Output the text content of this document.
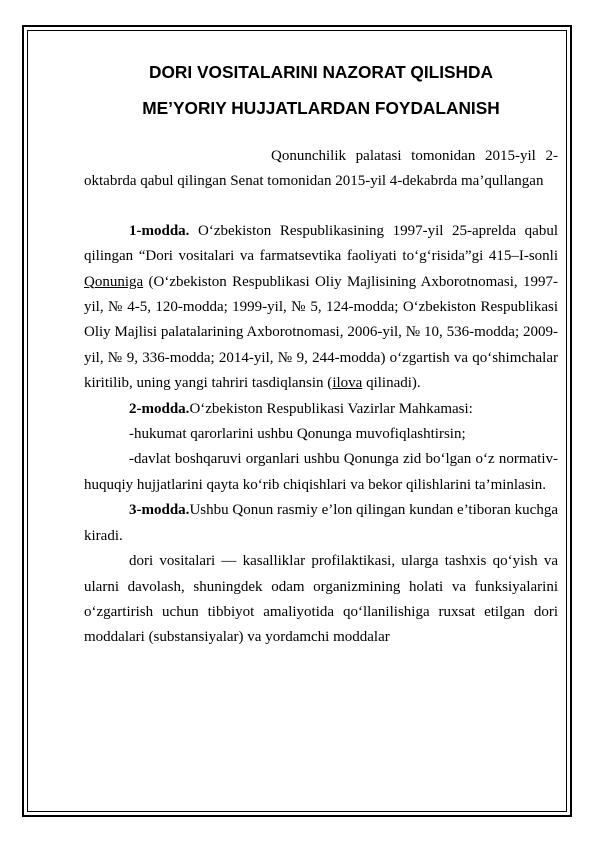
DORI VOSITALARINI NAZORAT QILISHDA
ME’YORIY HUJJATLARDAN FOYDALANISH

Qonunchilik palatasi tomonidan 2015-yil 2-oktabrda qabul qilingan Senat tomonidan 2015-yil 4-dekabrda ma’qullangan

1-modda. O‘zbekiston Respublikasining 1997-yil 25-aprelda qabul qilingan “Dori vositalari va farmatsevtika faoliyati to‘g‘risida”gi 415–I-sonli Qonuniga (O‘zbekiston Respublikasi Oliy Majlisining Axborotnomasi, 1997-yil, № 4-5, 120-modda; 1999-yil, № 5, 124-modda; O‘zbekiston Respublikasi Oliy Majlisi palatalarining Axborotnomasi, 2006-yil, № 10, 536-modda; 2009-yil, № 9, 336-modda; 2014-yil, № 9, 244-modda) o‘zgartish va qo‘shimchalar kiritilib, uning yangi tahriri tasdiqlansin (ilova qilinadi).

2-modda.O‘zbekiston Respublikasi Vazirlar Mahkamasi:

-hukumat qarorlarini ushbu Qonunga muvofiqlashtirsin;

-davlat boshqaruvi organlari ushbu Qonunga zid bo‘lgan o‘z normativ-huquqiy hujjatlarini qayta ko‘rib chiqishlari va bekor qilishlarini ta’minlasin.

3-modda.Ushbu Qonun rasmiy e’lon qilingan kundan e’tiboran kuchga kiradi.

dori vositalari — kasalliklar profilaktikasi, ularga tashxis qo‘yish va ularni davolash, shuningdek odam organizmining holati va funksiyalarini o‘zgartirish uchun tibbiyot amaliyotida qo‘llanilishiga ruxsat etilgan dori moddalari (substansiyalar) va yordamchi moddalar
